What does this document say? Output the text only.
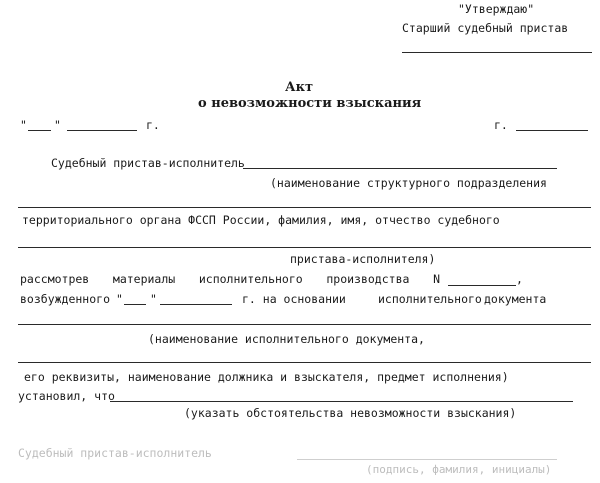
"Утверждаю"
Старший судебный пристав
Акт
о невозможности взыскания
" "	г.	г.
Судебный пристав-исполнитель
(наименование структурного подразделения
территориального органа ФССП России, фамилия, имя, отчество судебного
пристава-исполнителя)
рассмотрев материалы исполнительного производства N	,
возбужденного " "	г. на основании	исполнительного документа
(наименование исполнительного документа,
его реквизиты, наименование должника и взыскателя, предмет исполнения)
установил, что
(указать обстоятельства невозможности взыскания)
Судебный пристав-исполнитель
(подпись, фамилия, инициалы)
